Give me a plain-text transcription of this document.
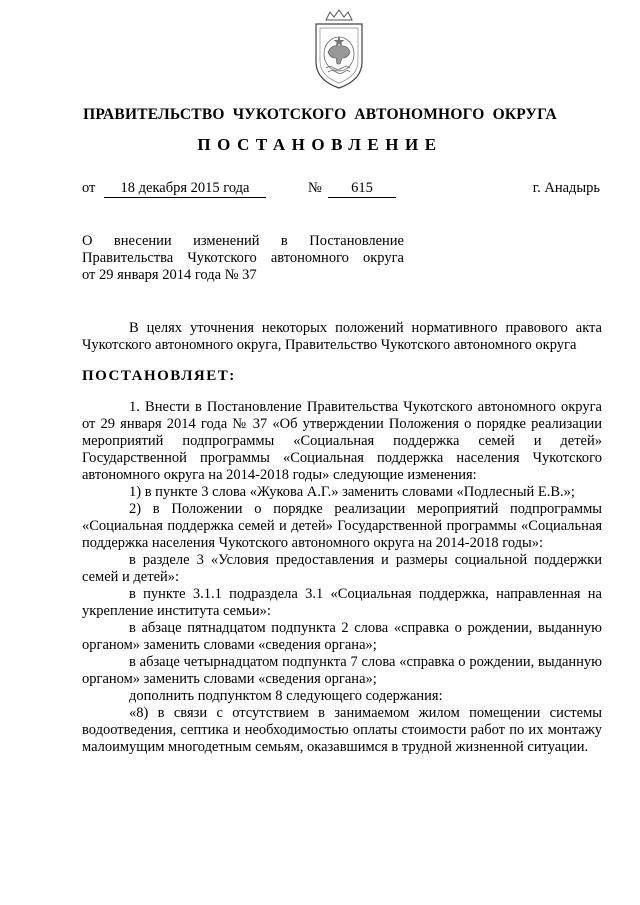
ПРАВИТЕЛЬСТВО ЧУКОТСКОГО АВТОНОМНОГО ОКРУГА
ПОСТАНОВЛЕНИЕ
от	18 декабря 2015 года	№	615	г. Анадырь

О внесении изменений в Постановление

Правительства Чукотского автономного округа

от 29 января 2014 года № 37

В целях уточнения некоторых положений нормативного правового акта Чукотского автономного округа, Правительство Чукотского автономного округа

ПОСТАНОВЛЯЕТ:

1. Внести в Постановление Правительства Чукотского автономного округа от 29 января 2014 года № 37 «Об утверждении Положения о порядке реализации мероприятий подпрограммы «Социальная поддержка семей и детей» Государственной программы «Социальная поддержка населения Чукотского автономного округа на 2014-2018 годы» следующие изменения:

1) в пункте 3 слова «Жукова А.Г.» заменить словами «Подлесный Е.В.»;

2) в Положении о порядке реализации мероприятий подпрограммы «Социальная поддержка семей и детей» Государственной программы «Социальная поддержка населения Чукотского автономного округа на 2014-2018 годы»:

в разделе 3 «Условия предоставления и размеры социальной поддержки семей и детей»:

в пункте 3.1.1 подраздела 3.1 «Социальная поддержка, направленная на укрепление института семьи»:

в абзаце пятнадцатом подпункта 2 слова «справка о рождении, выданную органом» заменить словами «сведения органа»;

в абзаце четырнадцатом подпункта 7 слова «справка о рождении, выданную органом» заменить словами «сведения органа»;

дополнить подпунктом 8 следующего содержания:

«8) в связи с отсутствием в занимаемом жилом помещении системы водоотведения, септика и необходимостью оплаты стоимости работ по их монтажу малоимущим многодетным семьям, оказавшимся в трудной жизненной ситуации.
